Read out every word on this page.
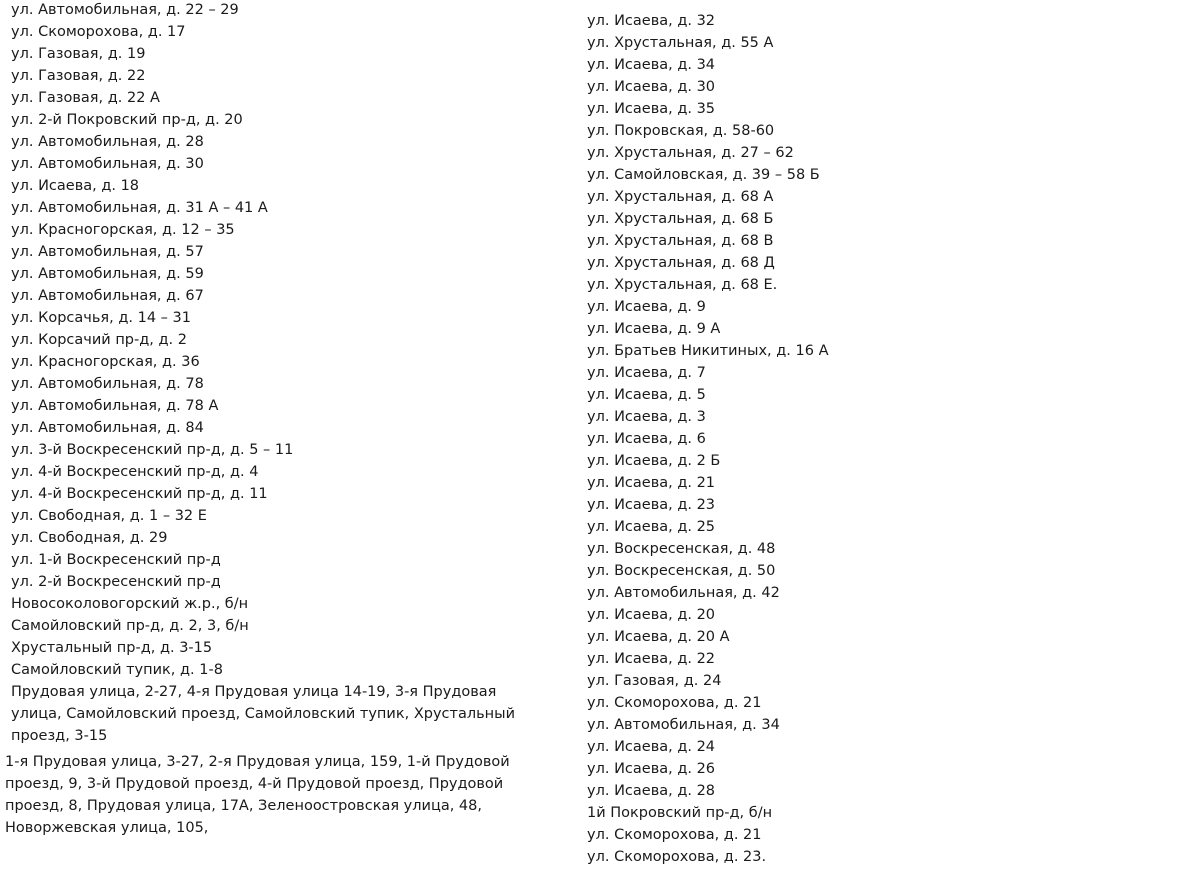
ул. Автомобильная, д. 22 – 29
ул. Скоморохова, д. 17
ул. Газовая, д. 19
ул. Газовая, д. 22
ул. Газовая, д. 22 А
ул. 2-й Покровский пр-д, д. 20
ул. Автомобильная, д. 28
ул. Автомобильная, д. 30
ул. Исаева, д. 18
ул. Автомобильная, д. 31 А – 41 А
ул. Красногорская, д. 12 – 35
ул. Автомобильная, д. 57
ул. Автомобильная, д. 59
ул. Автомобильная, д. 67
ул. Корсачья, д. 14 – 31
ул. Корсачий пр-д, д. 2
ул. Красногорская, д. 36
ул. Автомобильная, д. 78
ул. Автомобильная, д. 78 А
ул. Автомобильная, д. 84
ул. 3-й Воскресенский пр-д, д. 5 – 11
ул. 4-й Воскресенский пр-д, д. 4
ул. 4-й Воскресенский пр-д, д. 11
ул. Свободная, д. 1 – 32 Е
ул. Свободная, д. 29
ул. 1-й Воскресенский пр-д
ул. 2-й Воскресенский пр-д
Новосоколовогорский ж.р., б/н
Самойловский пр-д, д. 2, 3, б/н
Хрустальный пр-д, д. 3-15
Самойловский тупик, д. 1-8

Прудовая улица, 2-27, 4-я Прудовая улица 14-19, 3-я Прудовая улица, Самойловский проезд, Самойловский тупик, Хрустальный проезд, 3-15

1-я Прудовая улица, 3-27, 2-я Прудовая улица, 159, 1-й Прудовой проезд, 9, 3-й Прудовой проезд, 4-й Прудовой проезд, Прудовой проезд, 8, Прудовая улица, 17А, Зеленоостровская улица, 48, Новоржевская улица, 105,

ул. Исаева, д. 32
ул. Хрустальная, д. 55 А
ул. Исаева, д. 34
ул. Исаева, д. 30
ул. Исаева, д. 35
ул. Покровская, д. 58-60
ул. Хрустальная, д. 27 – 62
ул. Самойловская, д. 39 – 58 Б
ул. Хрустальная, д. 68 А
ул. Хрустальная, д. 68 Б
ул. Хрустальная, д. 68 В
ул. Хрустальная, д. 68 Д
ул. Хрустальная, д. 68 Е.
ул. Исаева, д. 9
ул. Исаева, д. 9 А
ул. Братьев Никитиных, д. 16 А
ул. Исаева, д. 7
ул. Исаева, д. 5
ул. Исаева, д. 3
ул. Исаева, д. 6
ул. Исаева, д. 2 Б
ул. Исаева, д. 21
ул. Исаева, д. 23
ул. Исаева, д. 25
ул. Воскресенская, д. 48
ул. Воскресенская, д. 50
ул. Автомобильная, д. 42
ул. Исаева, д. 20
ул. Исаева, д. 20 А
ул. Исаева, д. 22
ул. Газовая, д. 24
ул. Скоморохова, д. 21
ул. Автомобильная, д. 34
ул. Исаева, д. 24
ул. Исаева, д. 26
ул. Исаева, д. 28
1й Покровский пр-д, б/н
ул. Скоморохова, д. 21
ул. Скоморохова, д. 23.
